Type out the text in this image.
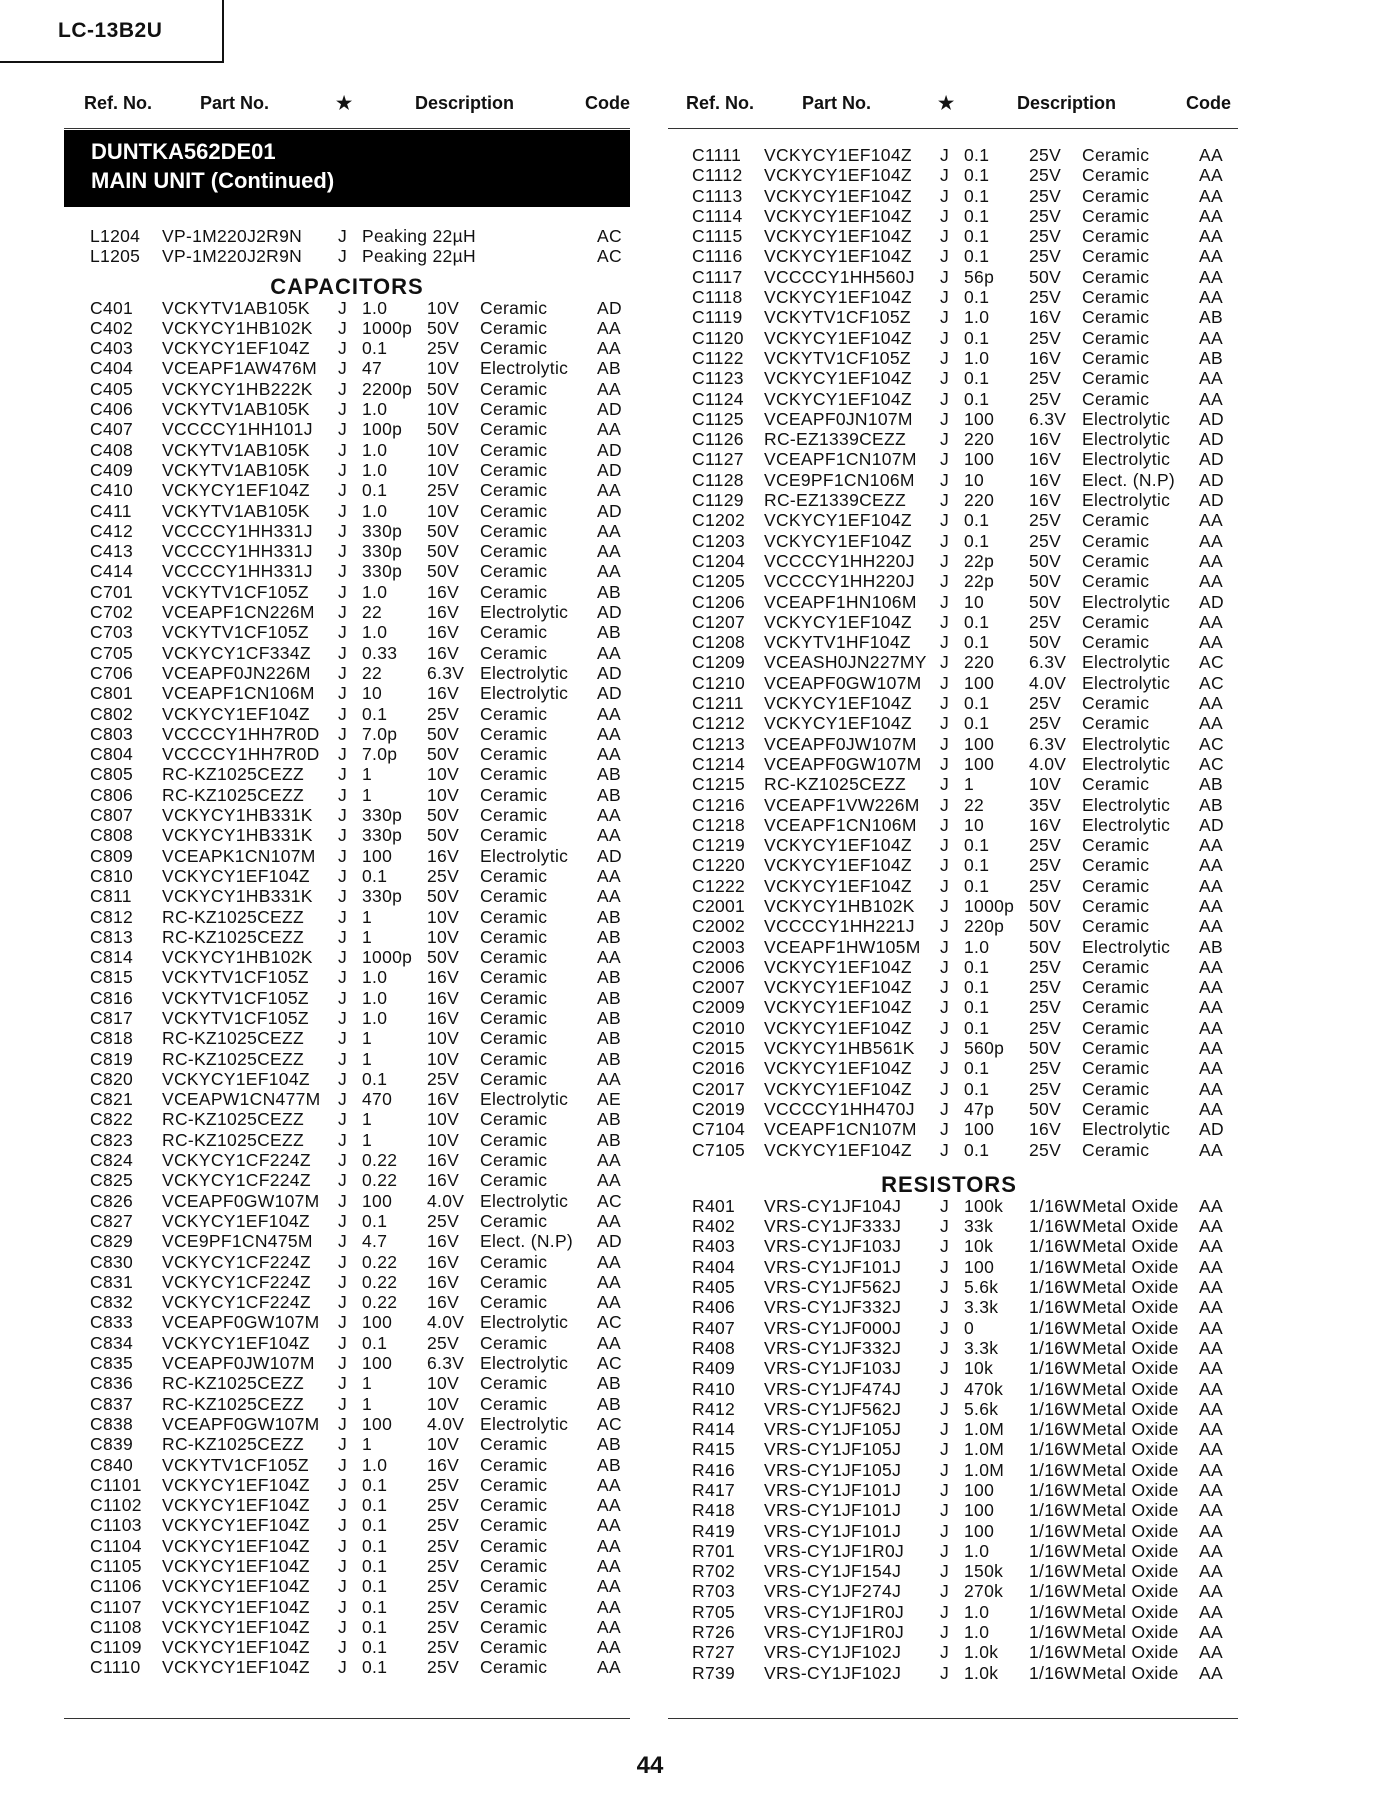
LC-13B2U
Ref. No.	Part No.	★	Description	Code	Ref. No.	Part No.	★	Description	Code
DUNTKA562DE01
MAIN UNIT (Continued)
L1204 VP-1M220J2R9N J Peaking 22µH	AC
L1205 VP-1M220J2R9N J Peaking 22µH	AC
CAPACITORS
C401 VCKYTV1AB105K J 1.0 10V Ceramic	AD
C402 VCKYCY1HB102K J 1000p 50V Ceramic	AA
C403 VCKYCY1EF104Z J 0.1 25V Ceramic	AA
C404 VCEAPF1AW476M J 47	10V Electrolytic AB
C405 VCKYCY1HB222K J 2200p 50V Ceramic	AA
C406 VCKYTV1AB105K J 1.0 10V Ceramic	AD
C407 VCCCCY1HH101J J 100p 50V Ceramic	AA
C408 VCKYTV1AB105K J 1.0 10V Ceramic	AD
C409 VCKYTV1AB105K J 1.0 10V Ceramic	AD
C410 VCKYCY1EF104Z J 0.1 25V Ceramic	AA
C411 VCKYTV1AB105K J 1.0 10V Ceramic	AD
C412 VCCCCY1HH331J J 330p 50V Ceramic	AA
C413 VCCCCY1HH331J J 330p 50V Ceramic	AA
C414 VCCCCY1HH331J J 330p 50V Ceramic	AA
C701 VCKYTV1CF105Z J 1.0 16V Ceramic	AB
C702 VCEAPF1CN226M J 22	16V Electrolytic AD
C703 VCKYTV1CF105Z J 1.0 16V Ceramic	AB
C705 VCKYCY1CF334Z J 0.33 16V Ceramic	AA
C706 VCEAPF0JN226M J 22	6.3V Electrolytic AD
C801 VCEAPF1CN106M J 10	16V Electrolytic AD
C802 VCKYCY1EF104Z J 0.1 25V Ceramic	AA
C803 VCCCCY1HH7R0D J 7.0p 50V Ceramic	AA
C804 VCCCCY1HH7R0D J 7.0p 50V Ceramic	AA
C805 RC-KZ1025CEZZ J 1	10V Ceramic	AB
C806 RC-KZ1025CEZZ J 1	10V Ceramic	AB
C807 VCKYCY1HB331K J 330p 50V Ceramic	AA
C808 VCKYCY1HB331K J 330p 50V Ceramic	AA
C809 VCEAPK1CN107M J 100 16V Electrolytic AD
C810 VCKYCY1EF104Z J 0.1 25V Ceramic	AA
C811 VCKYCY1HB331K J 330p 50V Ceramic	AA
C812 RC-KZ1025CEZZ J 1	10V Ceramic	AB
C813 RC-KZ1025CEZZ J 1	10V Ceramic	AB
C814 VCKYCY1HB102K J 1000p 50V Ceramic	AA
C815 VCKYTV1CF105Z J 1.0 16V Ceramic	AB
C816 VCKYTV1CF105Z J 1.0 16V Ceramic	AB
C817 VCKYTV1CF105Z J 1.0 16V Ceramic	AB
C818 RC-KZ1025CEZZ J 1	10V Ceramic	AB
C819 RC-KZ1025CEZZ J 1	10V Ceramic	AB
C820 VCKYCY1EF104Z J 0.1 25V Ceramic	AA
C821 VCEAPW1CN477M J 470 16V Electrolytic AE
C822 RC-KZ1025CEZZ J 1	10V Ceramic	AB
C823 RC-KZ1025CEZZ J 1	10V Ceramic	AB
C824 VCKYCY1CF224Z J 0.22 16V Ceramic	AA
C825 VCKYCY1CF224Z J 0.22 16V Ceramic	AA
C826 VCEAPF0GW107M J 100 4.0V Electrolytic AC
C827 VCKYCY1EF104Z J 0.1 25V Ceramic	AA
C829 VCE9PF1CN475M J 4.7 16V Elect. (N.P) AD
C830 VCKYCY1CF224Z J 0.22 16V Ceramic	AA
C831 VCKYCY1CF224Z J 0.22 16V Ceramic	AA
C832 VCKYCY1CF224Z J 0.22 16V Ceramic	AA
C833 VCEAPF0GW107M J 100 4.0V Electrolytic AC
C834 VCKYCY1EF104Z J 0.1 25V Ceramic	AA
C835 VCEAPF0JW107M J 100 6.3V Electrolytic AC
C836 RC-KZ1025CEZZ J 1	10V Ceramic	AB
C837 RC-KZ1025CEZZ J 1	10V Ceramic	AB
C838 VCEAPF0GW107M J 100 4.0V Electrolytic AC
C839 RC-KZ1025CEZZ J 1	10V Ceramic	AB
C840 VCKYTV1CF105Z J 1.0 16V Ceramic	AB
C1101 VCKYCY1EF104Z J 0.1 25V Ceramic	AA
C1102 VCKYCY1EF104Z J 0.1 25V Ceramic	AA
C1103 VCKYCY1EF104Z J 0.1 25V Ceramic	AA
C1104 VCKYCY1EF104Z J 0.1 25V Ceramic	AA
C1105 VCKYCY1EF104Z J 0.1 25V Ceramic	AA
C1106 VCKYCY1EF104Z J 0.1 25V Ceramic	AA
C1107 VCKYCY1EF104Z J 0.1 25V Ceramic	AA
C1108 VCKYCY1EF104Z J 0.1 25V Ceramic	AA
C1109 VCKYCY1EF104Z J 0.1 25V Ceramic	AA
C1110 VCKYCY1EF104Z J 0.1 25V Ceramic	AA
C1111 VCKYCY1EF104Z J 0.1 25V Ceramic	AA
C1112 VCKYCY1EF104Z J 0.1 25V Ceramic	AA
C1113 VCKYCY1EF104Z J 0.1 25V Ceramic	AA
C1114 VCKYCY1EF104Z J 0.1 25V Ceramic	AA
C1115 VCKYCY1EF104Z J 0.1 25V Ceramic	AA
C1116 VCKYCY1EF104Z J 0.1 25V Ceramic	AA
C1117 VCCCCY1HH560J J 56p 50V Ceramic	AA
C1118 VCKYCY1EF104Z J 0.1 25V Ceramic	AA
C1119 VCKYTV1CF105Z J 1.0 16V Ceramic	AB
C1120 VCKYCY1EF104Z J 0.1 25V Ceramic	AA
C1122 VCKYTV1CF105Z J 1.0 16V Ceramic	AB
C1123 VCKYCY1EF104Z J 0.1 25V Ceramic	AA
C1124 VCKYCY1EF104Z J 0.1 25V Ceramic	AA
C1125 VCEAPF0JN107M J 100 6.3V Electrolytic AD
C1126 RC-EZ1339CEZZ J 220 16V Electrolytic AD
C1127 VCEAPF1CN107M J 100 16V Electrolytic AD
C1128 VCE9PF1CN106M J 10	16V Elect. (N.P) AD
C1129 RC-EZ1339CEZZ J 220 16V Electrolytic AD
C1202 VCKYCY1EF104Z J 0.1 25V Ceramic	AA
C1203 VCKYCY1EF104Z J 0.1 25V Ceramic	AA
C1204 VCCCCY1HH220J J 22p 50V Ceramic	AA
C1205 VCCCCY1HH220J J 22p 50V Ceramic	AA
C1206 VCEAPF1HN106M J 10	50V Electrolytic AD
C1207 VCKYCY1EF104Z J 0.1 25V Ceramic	AA
C1208 VCKYTV1HF104Z J 0.1 50V Ceramic	AA
C1209 VCEASH0JN227MY J 220 6.3V Electrolytic AC
C1210 VCEAPF0GW107M J 100 4.0V Electrolytic AC
C1211 VCKYCY1EF104Z J 0.1 25V Ceramic	AA
C1212 VCKYCY1EF104Z J 0.1 25V Ceramic	AA
C1213 VCEAPF0JW107M J 100 6.3V Electrolytic AC
C1214 VCEAPF0GW107M J 100 4.0V Electrolytic AC
C1215 RC-KZ1025CEZZ J 1	10V Ceramic	AB
C1216 VCEAPF1VW226M J 22	35V Electrolytic AB
C1218 VCEAPF1CN106M J 10	16V Electrolytic AD
C1219 VCKYCY1EF104Z J 0.1 25V Ceramic	AA
C1220 VCKYCY1EF104Z J 0.1 25V Ceramic	AA
C1222 VCKYCY1EF104Z J 0.1 25V Ceramic	AA
C2001 VCKYCY1HB102K J 1000p 50V Ceramic	AA
C2002 VCCCCY1HH221J J 220p 50V Ceramic	AA
C2003 VCEAPF1HW105M J 1.0 50V Electrolytic AB
C2006 VCKYCY1EF104Z J 0.1 25V Ceramic	AA
C2007 VCKYCY1EF104Z J 0.1 25V Ceramic	AA
C2009 VCKYCY1EF104Z J 0.1 25V Ceramic	AA
C2010 VCKYCY1EF104Z J 0.1 25V Ceramic	AA
C2015 VCKYCY1HB561K J 560p 50V Ceramic	AA
C2016 VCKYCY1EF104Z J 0.1 25V Ceramic	AA
C2017 VCKYCY1EF104Z J 0.1 25V Ceramic	AA
C2019 VCCCCY1HH470J J 47p 50V Ceramic	AA
C7104 VCEAPF1CN107M J 100 16V Electrolytic AD
C7105 VCKYCY1EF104Z J 0.1 25V Ceramic	AA
RESISTORS
R401 VRS-CY1JF104J J 100k 1/16W Metal Oxide AA
R402 VRS-CY1JF333J J 33k 1/16W Metal Oxide AA
R403 VRS-CY1JF103J J 10k 1/16W Metal Oxide AA
R404 VRS-CY1JF101J J 100 1/16W Metal Oxide AA
R405 VRS-CY1JF562J J 5.6k 1/16W Metal Oxide AA
R406 VRS-CY1JF332J J 3.3k 1/16W Metal Oxide AA
R407 VRS-CY1JF000J J 0	1/16W Metal Oxide AA
R408 VRS-CY1JF332J J 3.3k 1/16W Metal Oxide AA
R409 VRS-CY1JF103J J 10k 1/16W Metal Oxide AA
R410 VRS-CY1JF474J J 470k 1/16W Metal Oxide AA
R412 VRS-CY1JF562J J 5.6k 1/16W Metal Oxide AA
R414 VRS-CY1JF105J J 1.0M 1/16W Metal Oxide AA
R415 VRS-CY1JF105J J 1.0M 1/16W Metal Oxide AA
R416 VRS-CY1JF105J J 1.0M 1/16W Metal Oxide AA
R417 VRS-CY1JF101J J 100 1/16W Metal Oxide AA
R418 VRS-CY1JF101J J 100 1/16W Metal Oxide AA
R419 VRS-CY1JF101J J 100 1/16W Metal Oxide AA
R701 VRS-CY1JF1R0J J 1.0 1/16W Metal Oxide AA
R702 VRS-CY1JF154J J 150k 1/16W Metal Oxide AA
R703 VRS-CY1JF274J J 270k 1/16W Metal Oxide AA
R705 VRS-CY1JF1R0J J 1.0 1/16W Metal Oxide AA
R726 VRS-CY1JF1R0J J 1.0 1/16W Metal Oxide AA
R727 VRS-CY1JF102J J 1.0k 1/16W Metal Oxide AA
R739 VRS-CY1JF102J J 1.0k 1/16W Metal Oxide AA
44
